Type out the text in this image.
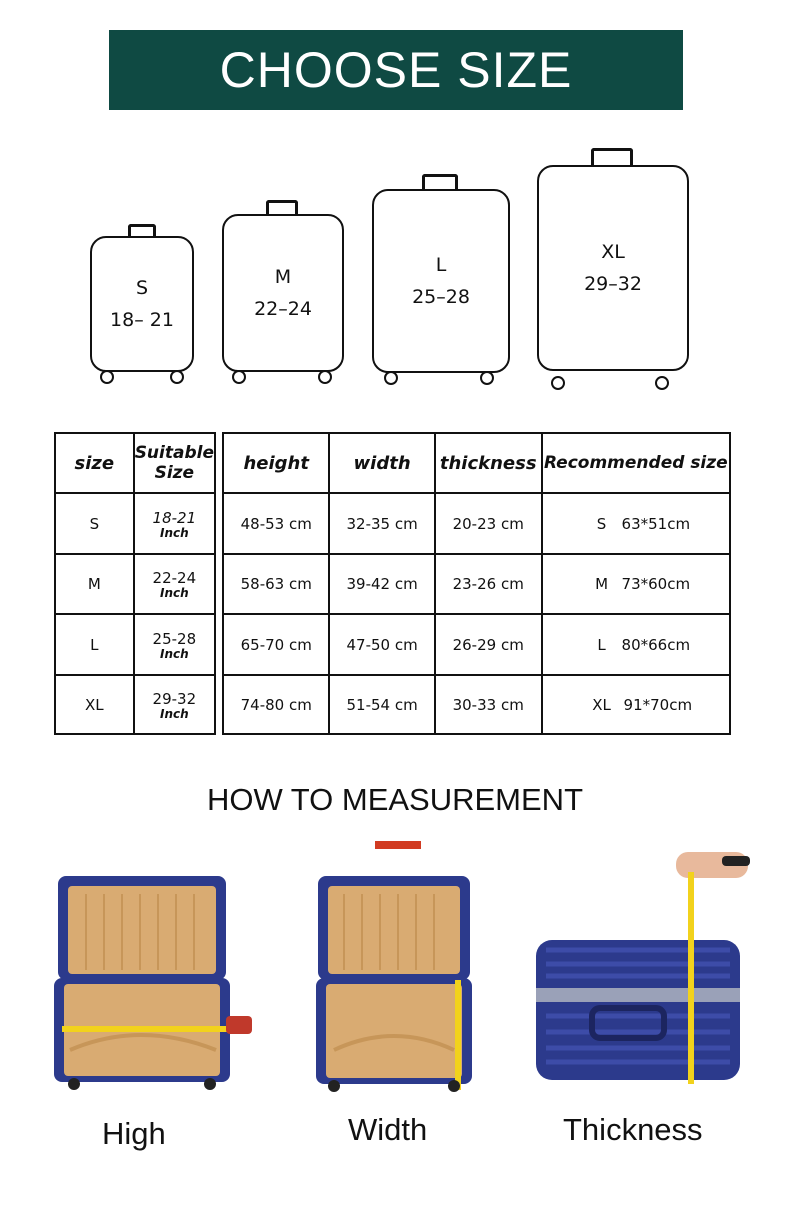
CHOOSE SIZE
S
18– 21
M
22–24
L
25–28
XL
29–32
size	Suitable Size
S	18-21
Inch

M	22-24
Inch

L	25-28
Inch

XL	29-32
Inch
height	width	thickness	Recommended size
48-53 cm	32-35 cm	20-23 cm	S 63*51cm
58-63 cm	39-42 cm	23-26 cm	M 73*60cm
65-70 cm	47-50 cm	26-29 cm	L 80*66cm
74-80 cm	51-54 cm	30-33 cm	XL 91*70cm
HOW TO MEASUREMENT
High	Width	Thickness
